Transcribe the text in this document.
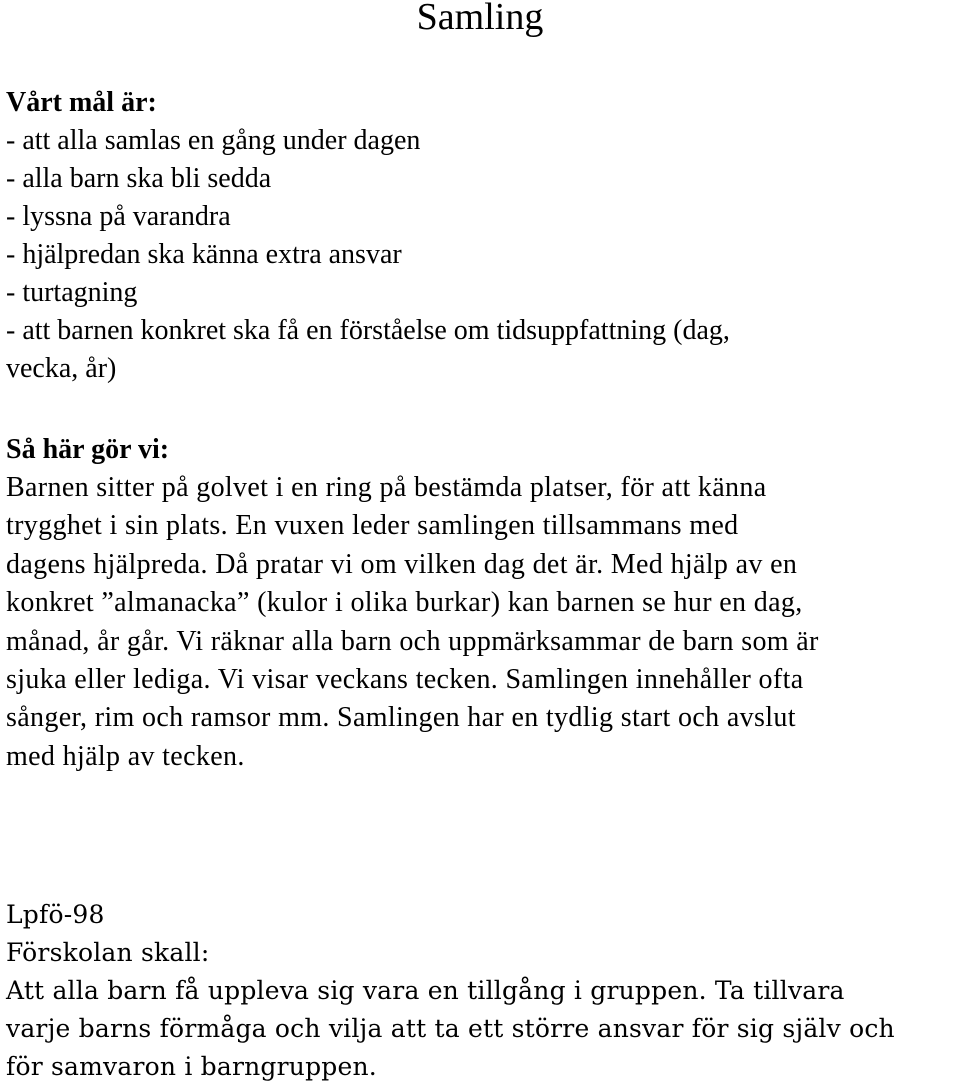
Samling
Vårt mål är:
- att alla samlas en gång under dagen
- alla barn ska bli sedda
- lyssna på varandra
- hjälpredan ska känna extra ansvar
- turtagning
- att barnen konkret ska få en förståelse om tidsuppfattning (dag,
vecka, år)
Så här gör vi:
Barnen sitter på golvet i en ring på bestämda platser, för att känna
trygghet i sin plats. En vuxen leder samlingen tillsammans med
dagens hjälpreda. Då pratar vi om vilken dag det är. Med hjälp av en
konkret ”almanacka” (kulor i olika burkar) kan barnen se hur en dag,
månad, år går. Vi räknar alla barn och uppmärksammar de barn som är
sjuka eller lediga. Vi visar veckans tecken. Samlingen innehåller ofta
sånger, rim och ramsor mm. Samlingen har en tydlig start och avslut
med hjälp av tecken.
Lpfö-98
Förskolan skall:
Att alla barn få uppleva sig vara en tillgång i gruppen. Ta tillvara
varje barns förmåga och vilja att ta ett större ansvar för sig själv och
för samvaron i barngruppen.
